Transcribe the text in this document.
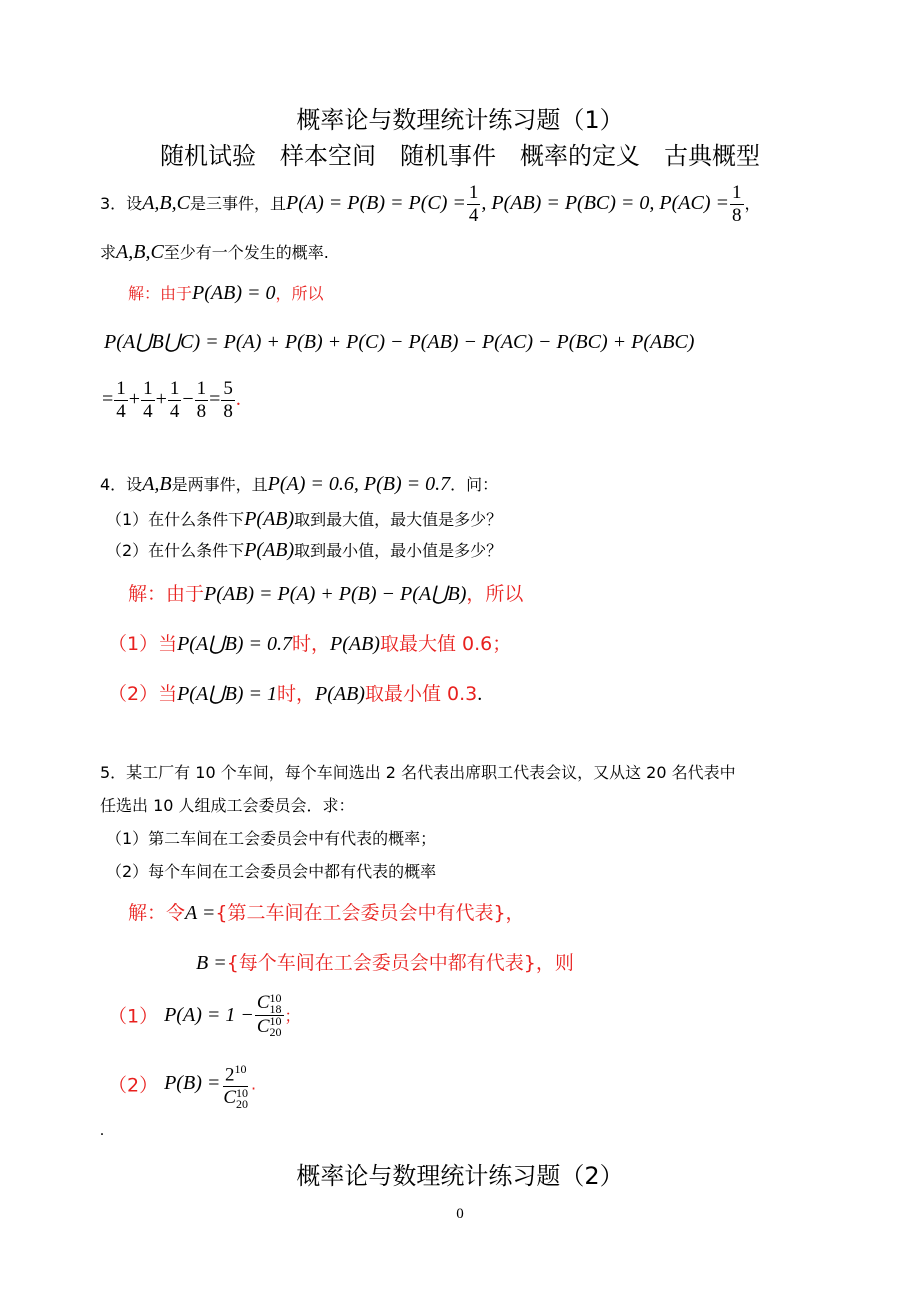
概率论与数理统计练习题（1）
随机试验 样本空间 随机事件 概率的定义 古典概型
3．设A,B,C是三事件，且$P(A) = P(B) = P(C) = \frac{1}{4}$ , P(AB) = P(BC) = 0, $P(AC) = \frac{1}{8}$ ，
求A,B,C至少有一个发生的概率.
解：由于P(AB) = 0，所以
P(A⋃B⋃C) = P(A) + P(B) + P(C) − P(AB) − P(AC) − P(BC) + P(ABC)
= $\frac{1}{4} + \frac{1}{4} + \frac{1}{4} - \frac{1}{8} = \frac{5}{8}$ .
4．设A,B是两事件，且P(A) = 0.6, P(B) = 0.7．问：
（1）在什么条件下P(AB)取到最大值，最大值是多少？
（2）在什么条件下P(AB)取到最小值，最小值是多少？
解：由于P(AB) = P(A) + P(B) − P(A⋃B)，所以
（1）当P(A⋃B) = 0.7时，P(AB)取最大值 0.6；
（2）当P(A⋃B) = 1时，P(AB)取最小值 0.3.
5．某工厂有 10 个车间，每个车间选出 2 名代表出席职工代表会议，又从这 20 名代表中
任选出 10 人组成工会委员会．求：
（1）第二车间在工会委员会中有代表的概率；
（2）每个车间在工会委员会中都有代表的概率
解：令A ={第二车间在工会委员会中有代表}，
B ={每个车间在工会委员会中都有代表}，则
（1） P(A) = 1 − C 10
18
C 10
20 ；
（2） $P(B) = 2^{10}$
C 10
20 .
.
概率论与数理统计练习题（2）
0
